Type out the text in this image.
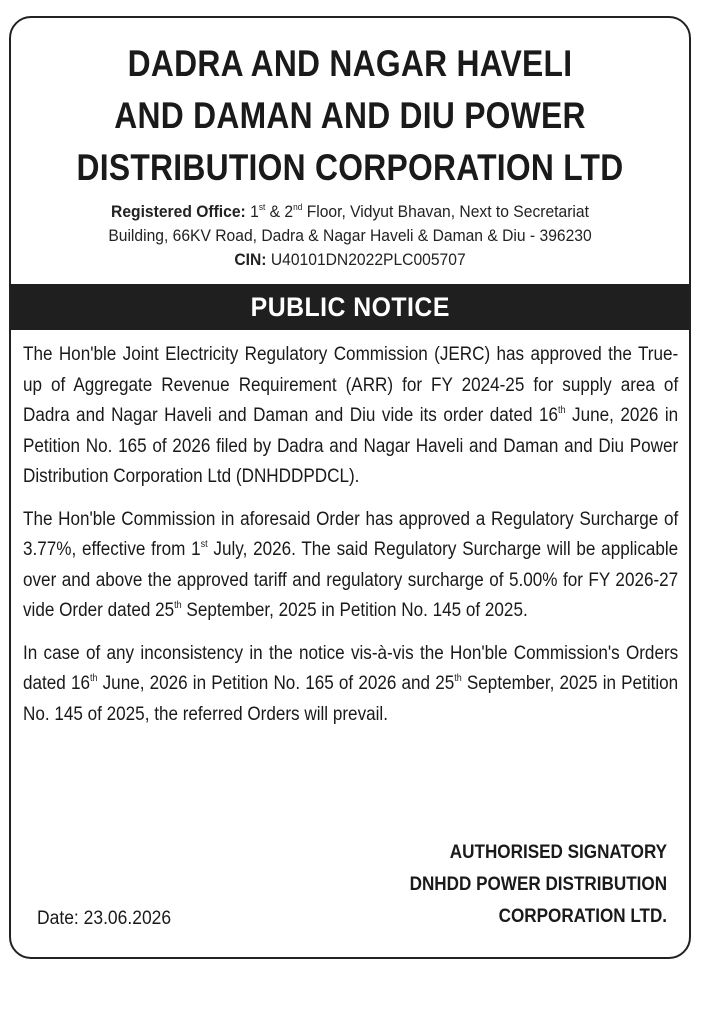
DADRA AND NAGAR HAVELI
AND DAMAN AND DIU POWER
DISTRIBUTION CORPORATION LTD
Registered Office: 1st & 2nd Floor, Vidyut Bhavan, Next to Secretariat
Building, 66KV Road, Dadra & Nagar Haveli & Daman & Diu - 396230
CIN: U40101DN2022PLC005707
PUBLIC NOTICE

The Hon'ble Joint Electricity Regulatory Commission (JERC) has approved the True-up of Aggregate Revenue Requirement (ARR) for FY 2024-25 for supply area of Dadra and Nagar Haveli and Daman and Diu vide its order dated 16th June, 2026 in Petition No. 165 of 2026 filed by Dadra and Nagar Haveli and Daman and Diu Power Distribution Corporation Ltd (DNHDDPDCL).

The Hon'ble Commission in aforesaid Order has approved a Regulatory Surcharge of 3.77%, effective from 1st July, 2026. The said Regulatory Surcharge will be applicable over and above the approved tariff and regulatory surcharge of 5.00% for FY 2026-27 vide Order dated 25th September, 2025 in Petition No. 145 of 2025.

In case of any inconsistency in the notice vis-à-vis the Hon'ble Commission's Orders dated 16th June, 2026 in Petition No. 165 of 2026 and 25th September, 2025 in Petition No. 145 of 2025, the referred Orders will prevail.

AUTHORISED SIGNATORY
DNHDD POWER DISTRIBUTION
CORPORATION LTD.
Date: 23.06.2026
